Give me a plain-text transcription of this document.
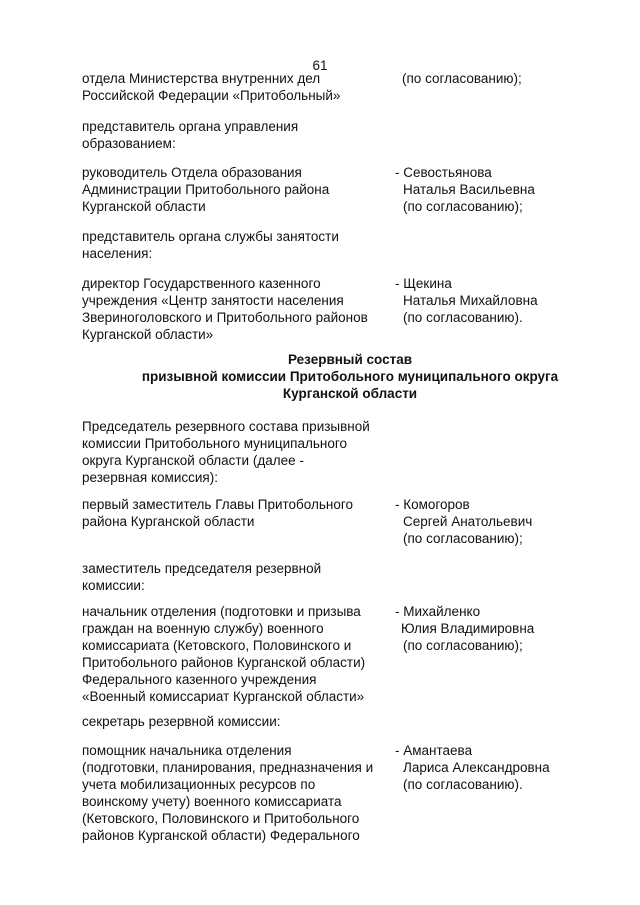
61
отдела Министерства внутренних дел
Российской Федерации «Притобольный»
(по согласованию);
представитель органа управления
образованием:
руководитель Отдела образования
Администрации Притобольного района
Курганской области
- Севостьянова
Наталья Васильевна
(по согласованию);
представитель органа службы занятости
населения:
директор Государственного казенного
учреждения «Центр занятости населения
Звериноголовского и Притобольного районов
Курганской области»
- Щекина
Наталья Михайловна
(по согласованию).
Резервный состав
призывной комиссии Притобольного муниципального округа
Курганской области
Председатель резервного состава призывной
комиссии Притобольного муниципального
округа Курганской области (далее -
резервная комиссия):
первый заместитель Главы Притобольного
района Курганской области
- Комогоров
Сергей Анатольевич
(по согласованию);
заместитель председателя резервной
комиссии:
начальник отделения (подготовки и призыва
граждан на военную службу) военного
комиссариата (Кетовского, Половинского и
Притобольного районов Курганской области)
Федерального казенного учреждения
«Военный комиссариат Курганской области»
- Михайленко
Юлия Владимировна
(по согласованию);
секретарь резервной комиссии:
помощник начальника отделения
(подготовки, планирования, предназначения и
учета мобилизационных ресурсов по
воинскому учету) военного комиссариата
(Кетовского, Половинского и Притобольного
районов Курганской области) Федерального
- Амантаева
Лариса Александровна
(по согласованию).
